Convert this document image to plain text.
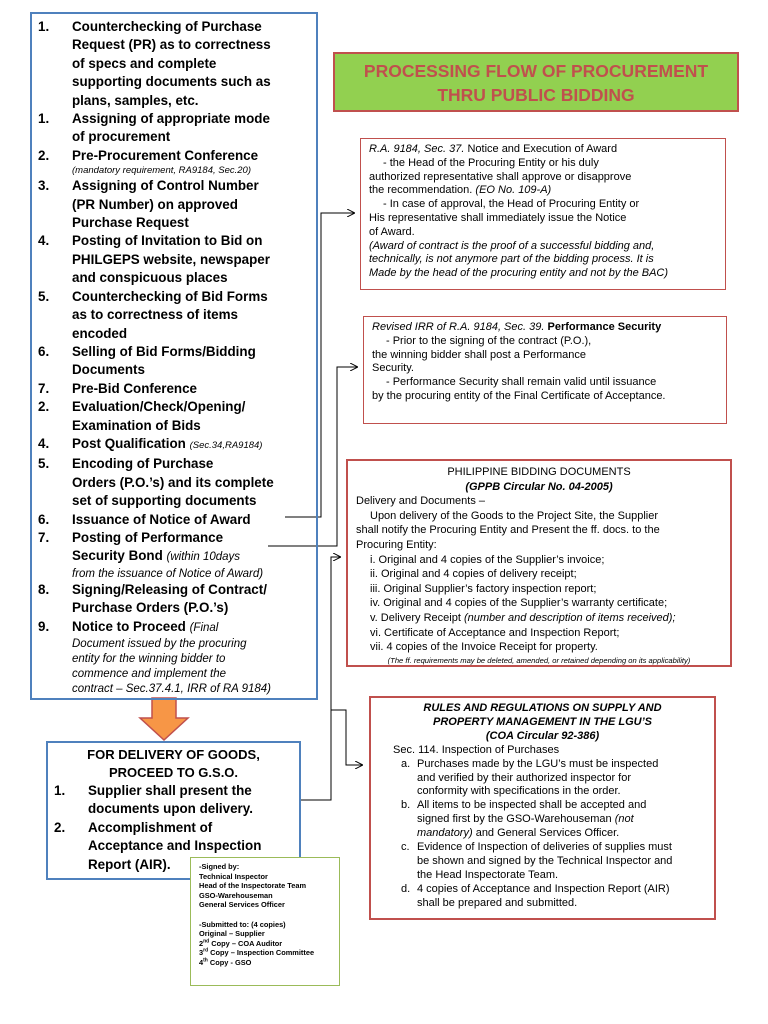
PROCESSING FLOW OF PROCUREMENT
THRU PUBLIC BIDDING
1.	Counterchecking of Purchase
Request (PR) as to correctness
of specs and complete
supporting documents such as
plans, samples, etc.
1.	Assigning of appropriate mode
of procurement
2.	Pre-Procurement Conference
(mandatory requirement, RA9184, Sec.20)
3.	Assigning of Control Number
(PR Number) on approved
Purchase Request
4.	Posting of Invitation to Bid on
PHILGEPS website, newspaper
and conspicuous places
5.	Counterchecking of Bid Forms
as to correctness of items
encoded
6.	Selling of Bid Forms/Bidding
Documents
7.	Pre-Bid Conference
2.	Evaluation/Check/Opening/
Examination of Bids
4.	Post Qualification (Sec.34,RA9184)
5.	Encoding of Purchase
Orders (P.O.’s) and its complete
set of supporting documents
6.	Issuance of Notice of Award
7.	Posting of Performance
Security Bond (within 10days
from the issuance of Notice of Award)
8.	Signing/Releasing of Contract/
Purchase Orders (P.O.’s)
9.	Notice to Proceed (Final
Document issued by the procuring
entity for the winning bidder to
commence and implement the
contract – Sec.37.4.1, IRR of RA 9184)
R.A. 9184, Sec. 37. Notice and Execution of Award
- the Head of the Procuring Entity or his duly
authorized representative shall approve or disapprove
the recommendation. (EO No. 109-A)
- In case of approval, the Head of Procuring Entity or
His representative shall immediately issue the Notice
of Award.
(Award of contract is the proof of a successful bidding and,
technically, is not anymore part of the bidding process. It is
Made by the head of the procuring entity and not by the BAC)
Revised IRR of R.A. 9184, Sec. 39. Performance Security
- Prior to the signing of the contract (P.O.),
the winning bidder shall post a Performance
Security.
- Performance Security shall remain valid until issuance
by the procuring entity of the Final Certificate of Acceptance.
PHILIPPINE BIDDING DOCUMENTS
(GPPB Circular No. 04-2005)
Delivery and Documents –
Upon delivery of the Goods to the Project Site, the Supplier
shall notify the Procuring Entity and Present the ff. docs. to the
Procuring Entity:
i. Original and 4 copies of the Supplier’s invoice;
ii. Original and 4 copies of delivery receipt;
iii. Original Supplier’s factory inspection report;
iv. Original and 4 copies of the Supplier’s warranty certificate;
v. Delivery Receipt (number and description of items received);
vi. Certificate of Acceptance and Inspection Report;
vii. 4 copies of the Invoice Receipt for property.
(The ff. requirements may be deleted, amended, or retained depending on its applicability)
RULES AND REGULATIONS ON SUPPLY AND
PROPERTY MANAGEMENT IN THE LGU’S
(COA Circular 92-386)
Sec. 114. Inspection of Purchases
a. Purchases made by the LGU’s must be inspected
and verified by their authorized inspector for
conformity with specifications in the order.
b. All items to be inspected shall be accepted and
signed first by the GSO-Warehouseman (not
mandatory) and General Services Officer.
c. Evidence of Inspection of deliveries of supplies must
be shown and signed by the Technical Inspector and
the Head Inspectorate Team.
d. 4 copies of Acceptance and Inspection Report (AIR)
shall be prepared and submitted.
FOR DELIVERY OF GOODS,
PROCEED TO G.S.O.
1.	Supplier shall present the
documents upon delivery.
2.	Accomplishment of
Acceptance and Inspection
Report (AIR).	-Signed by:
Technical Inspector
Head of the Inspectorate Team
GSO-Warehouseman
General Services Officer
-Submitted to: (4 copies)
Original – Supplier
2nd Copy – COA Auditor
3rd Copy – Inspection Committee
4th Copy - GSO
